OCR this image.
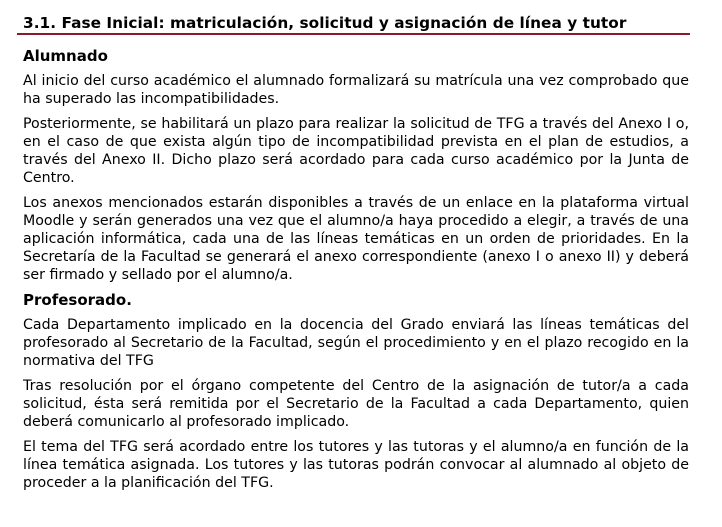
3.1. Fase Inicial: matriculación, solicitud y asignación de línea y tutor
Alumnado

Al inicio del curso académico el alumnado formalizará su matrícula una vez comprobado que ha superado las incompatibilidades.

Posteriormente, se habilitará un plazo para realizar la solicitud de TFG a través del Anexo I o, en el caso de que exista algún tipo de incompatibilidad prevista en el plan de estudios, a través del Anexo II. Dicho plazo será acordado para cada curso académico por la Junta de Centro.

Los anexos mencionados estarán disponibles a través de un enlace en la plataforma virtual Moodle y serán generados una vez que el alumno/a haya procedido a elegir, a través de una aplicación informática, cada una de las líneas temáticas en un orden de prioridades. En la Secretaría de la Facultad se generará el anexo correspondiente (anexo I o anexo II) y deberá ser firmado y sellado por el alumno/a.

Profesorado.

Cada Departamento implicado en la docencia del Grado enviará las líneas temáticas del profesorado al Secretario de la Facultad, según el procedimiento y en el plazo recogido en la normativa del TFG

Tras resolución por el órgano competente del Centro de la asignación de tutor/a a cada solicitud, ésta será remitida por el Secretario de la Facultad a cada Departamento, quien deberá comunicarlo al profesorado implicado.

El tema del TFG será acordado entre los tutores y las tutoras y el alumno/a en función de la línea temática asignada. Los tutores y las tutoras podrán convocar al alumnado al objeto de proceder a la planificación del TFG.
